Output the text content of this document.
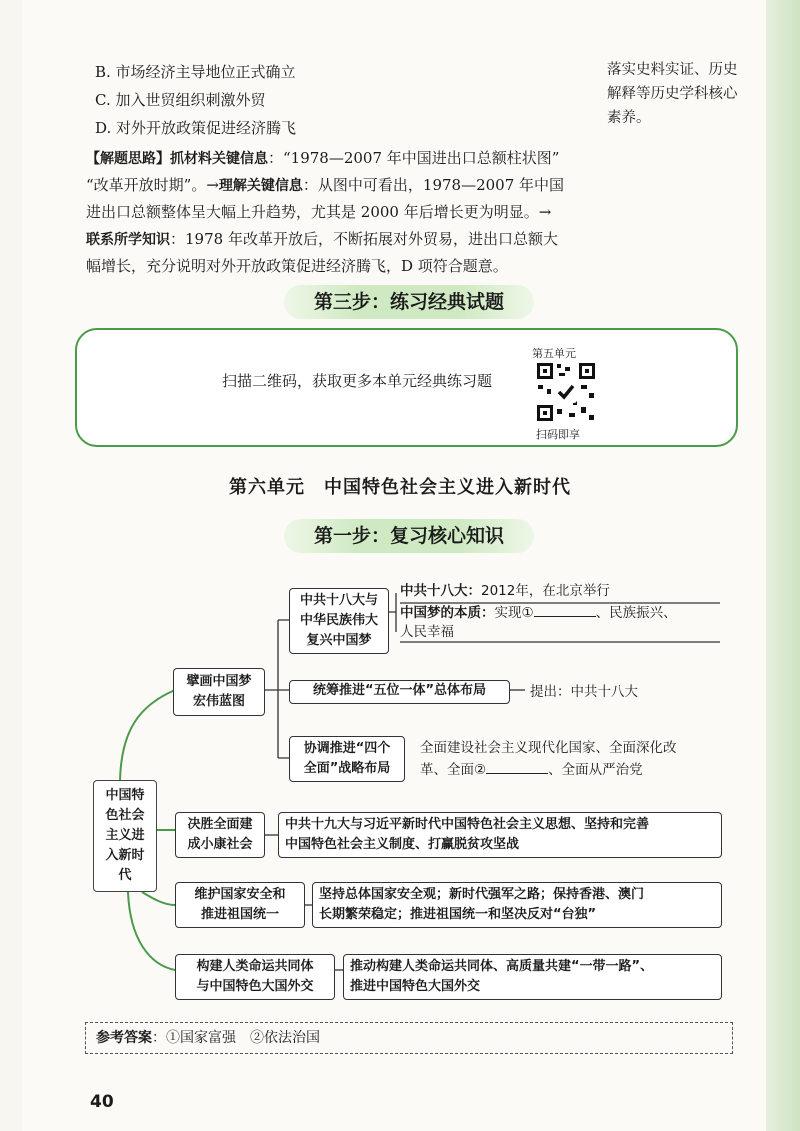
B. 市场经济主导地位正式确立
C. 加入世贸组织刺激外贸
D. 对外开放政策促进经济腾飞
落实史料实证、历史解释等历史学科核心素养。
【解题思路】抓材料关键信息：“1978—2007 年中国进出口总额柱状图”
“改革开放时期”。→理解关键信息：从图中可看出，1978—2007 年中国
进出口总额整体呈大幅上升趋势，尤其是 2000 年后增长更为明显。→
联系所学知识：1978 年改革开放后，不断拓展对外贸易，进出口总额大
幅增长，充分说明对外开放政策促进经济腾飞，D 项符合题意。
第三步：练习经典试题
扫描二维码，获取更多本单元经典练习题
第五单元
扫码即享
第六单元　中国特色社会主义进入新时代
第一步：复习核心知识
中国特
色社会
主义进
入新时
代
擘画中国梦
宏伟蓝图
中共十八大与
中华民族伟大
复兴中国梦
中共十八大：2012年，在北京举行
中国梦的本质：实现①	、民族振兴、
人民幸福
统筹推进“五位一体”总体布局	提出：中共十八大
协调推进“四个
全面”战略布局
全面建设社会主义现代化国家、全面深化改
革、全面②	、全面从严治党
决胜全面建
成小康社会
中共十九大与习近平新时代中国特色社会主义思想、坚持和完善
中国特色社会主义制度、打赢脱贫攻坚战
维护国家安全和
推进祖国统一
坚持总体国家安全观；新时代强军之路；保持香港、澳门
长期繁荣稳定；推进祖国统一和坚决反对“台独”
构建人类命运共同体
与中国特色大国外交
推动构建人类命运共同体、高质量共建“一带一路”、
推进中国特色大国外交
参考答案：①国家富强　②依法治国
40
